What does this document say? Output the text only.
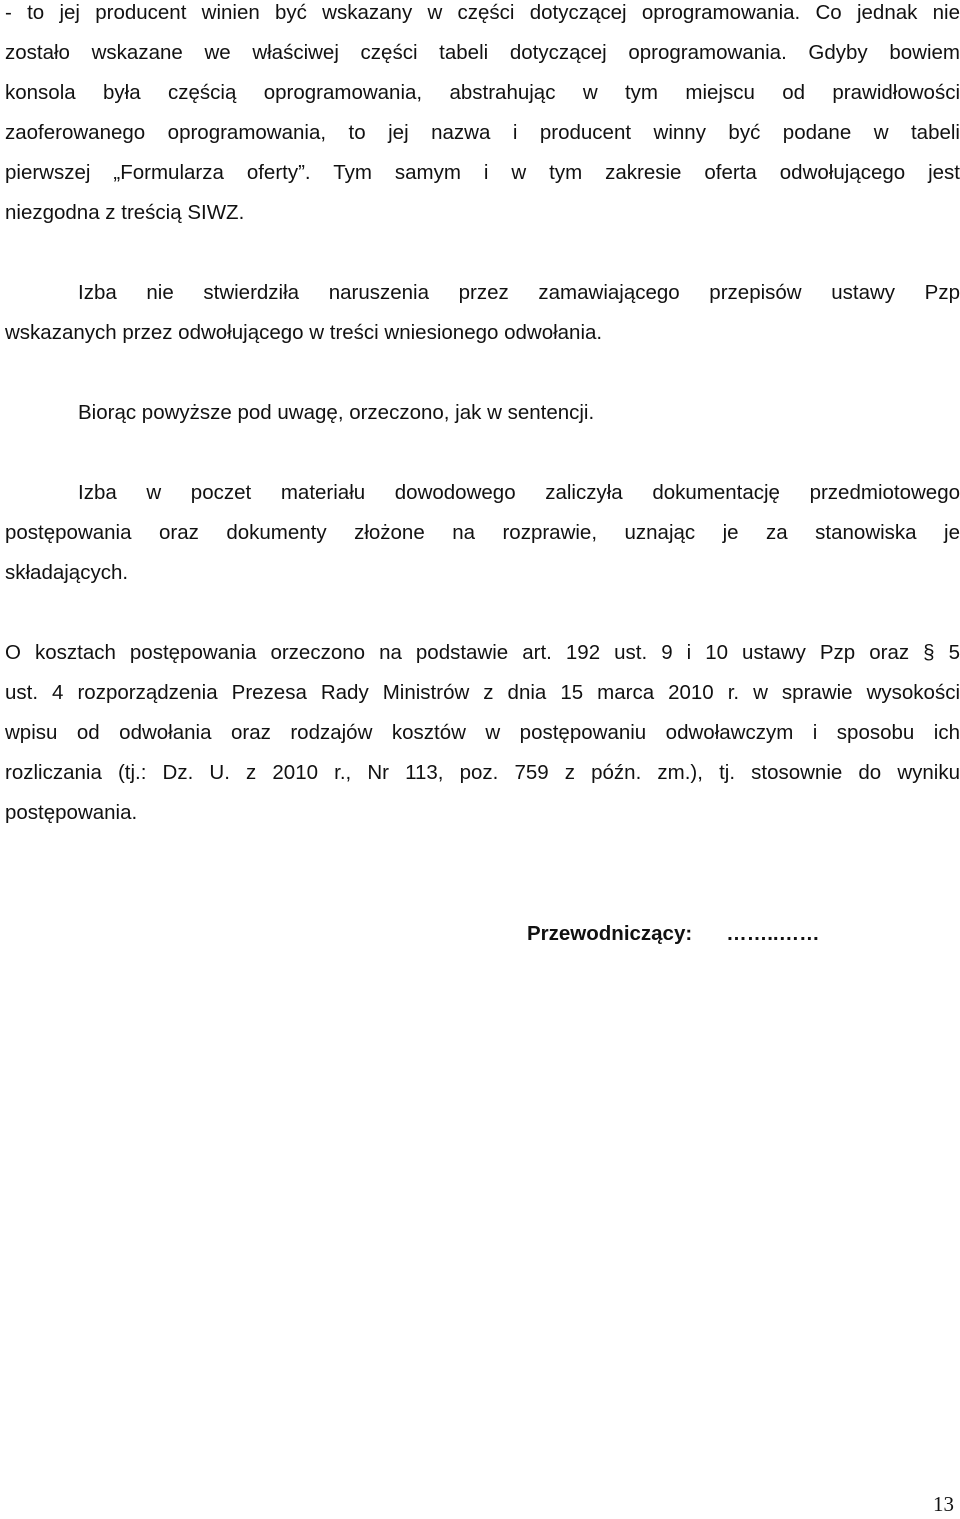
- to jej producent winien być wskazany w części dotyczącej oprogramowania. Co jednak nie
zostało wskazane we właściwej części tabeli dotyczącej oprogramowania. Gdyby bowiem
konsola była częścią oprogramowania, abstrahując w tym miejscu od prawidłowości
zaoferowanego oprogramowania, to jej nazwa i producent winny być podane w tabeli
pierwszej „Formularza oferty”. Tym samym i w tym zakresie oferta odwołującego jest
niezgodna z treścią SIWZ.
Izba nie stwierdziła naruszenia przez zamawiającego przepisów ustawy Pzp
wskazanych przez odwołującego w treści wniesionego odwołania.
Biorąc powyższe pod uwagę, orzeczono, jak w sentencji.
Izba w poczet materiału dowodowego zaliczyła dokumentację przedmiotowego
postępowania oraz dokumenty złożone na rozprawie, uznając je za stanowiska je
składających.
O kosztach postępowania orzeczono na podstawie art. 192 ust. 9 i 10 ustawy Pzp oraz § 5
ust. 4 rozporządzenia Prezesa Rady Ministrów z dnia 15 marca 2010 r. w sprawie wysokości
wpisu od odwołania oraz rodzajów kosztów w postępowaniu odwoławczym i sposobu ich
rozliczania (tj.: Dz. U. z 2010 r., Nr 113, poz. 759 z późn. zm.), tj. stosownie do wyniku
postępowania.
Przewodniczący: ……..……
13
